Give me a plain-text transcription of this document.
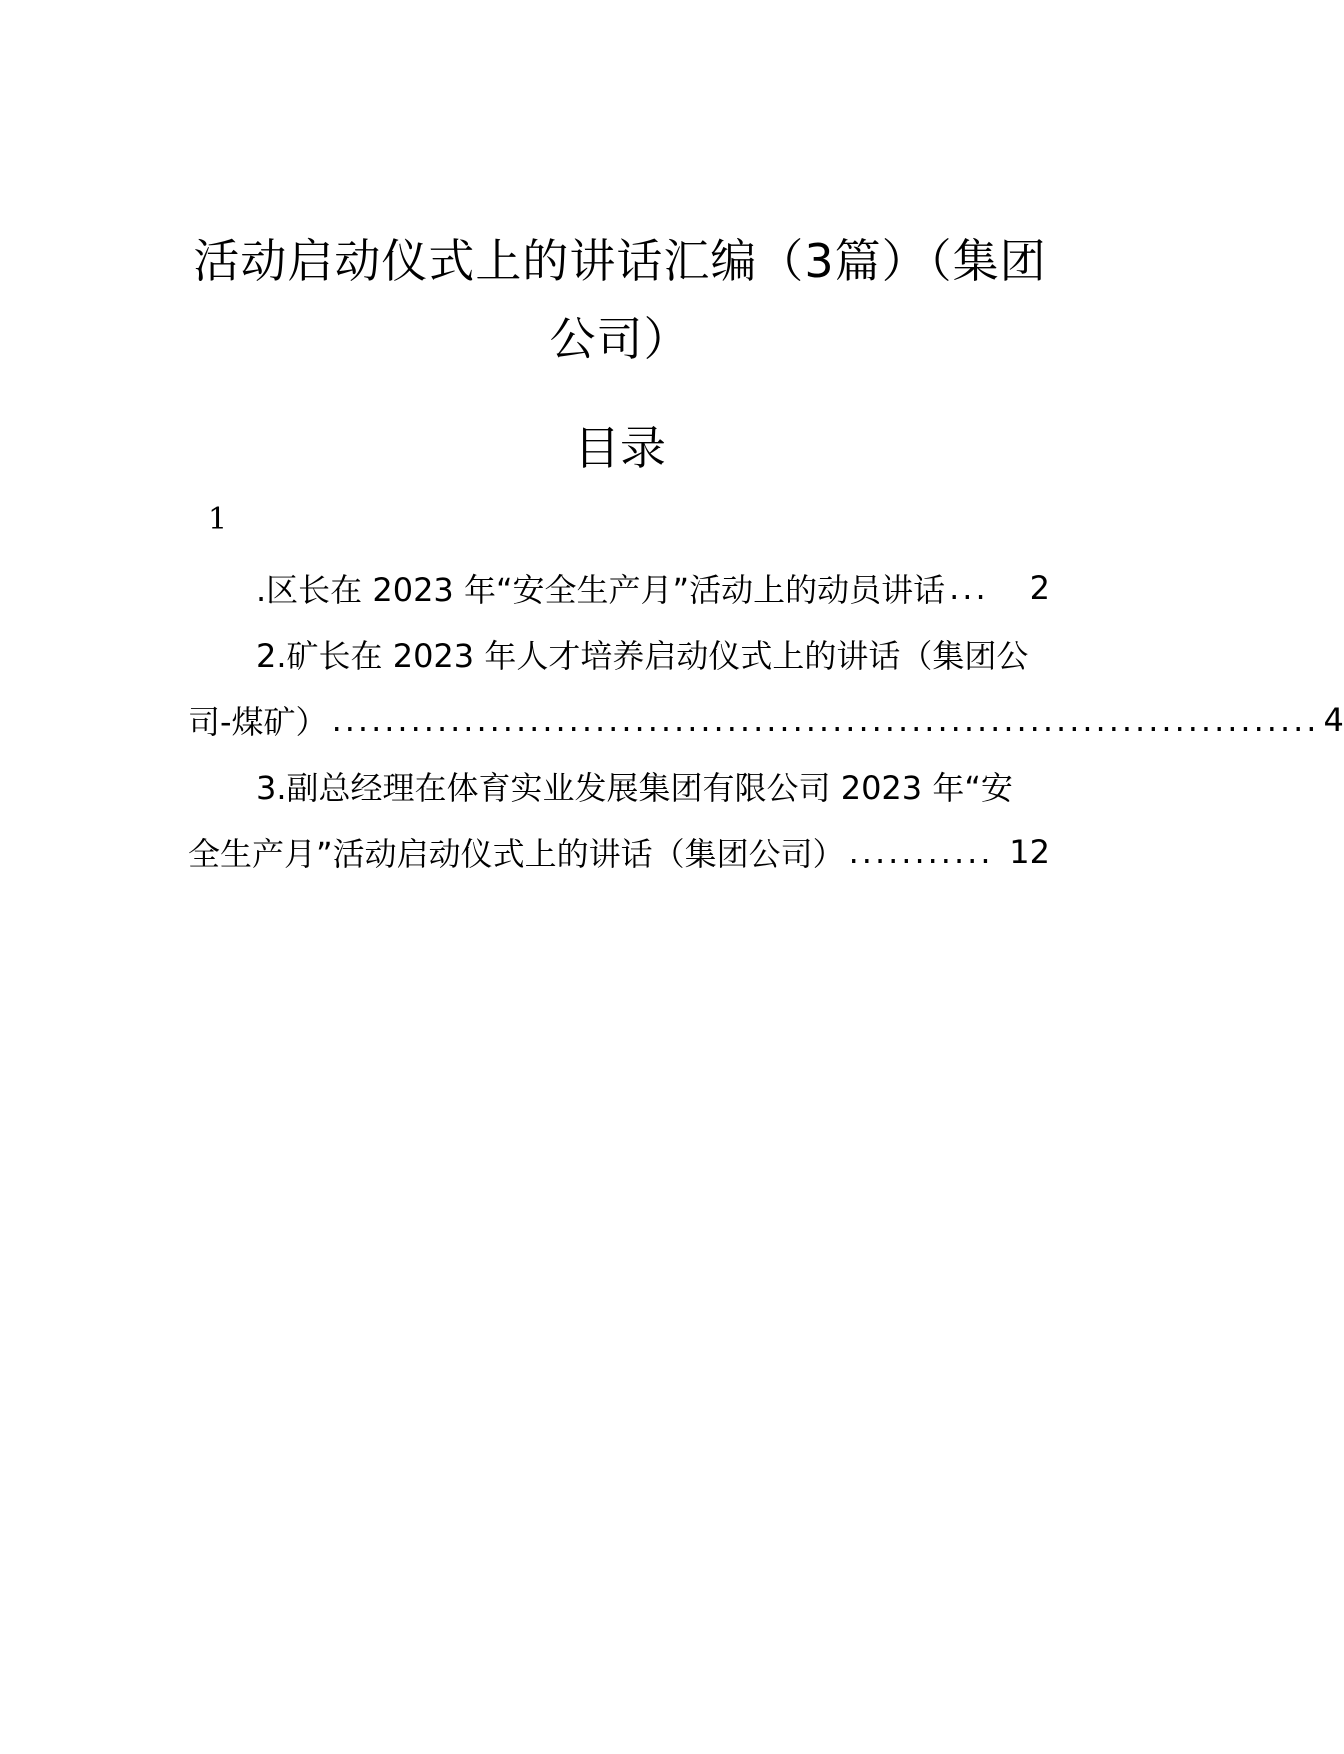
活动启动仪式上的讲话汇编（3篇）（集团
公司）
目录
1
.区长在 2023 年“安全生产月”活动上的动员讲话 ...	2
2.矿长在 2023 年人才培养启动仪式上的讲话（集团公
司-煤矿） ........................................................................... 4
3.副总经理在体育实业发展集团有限公司 2023 年“安
全生产月”活动启动仪式上的讲话（集团公司） ........... 12
